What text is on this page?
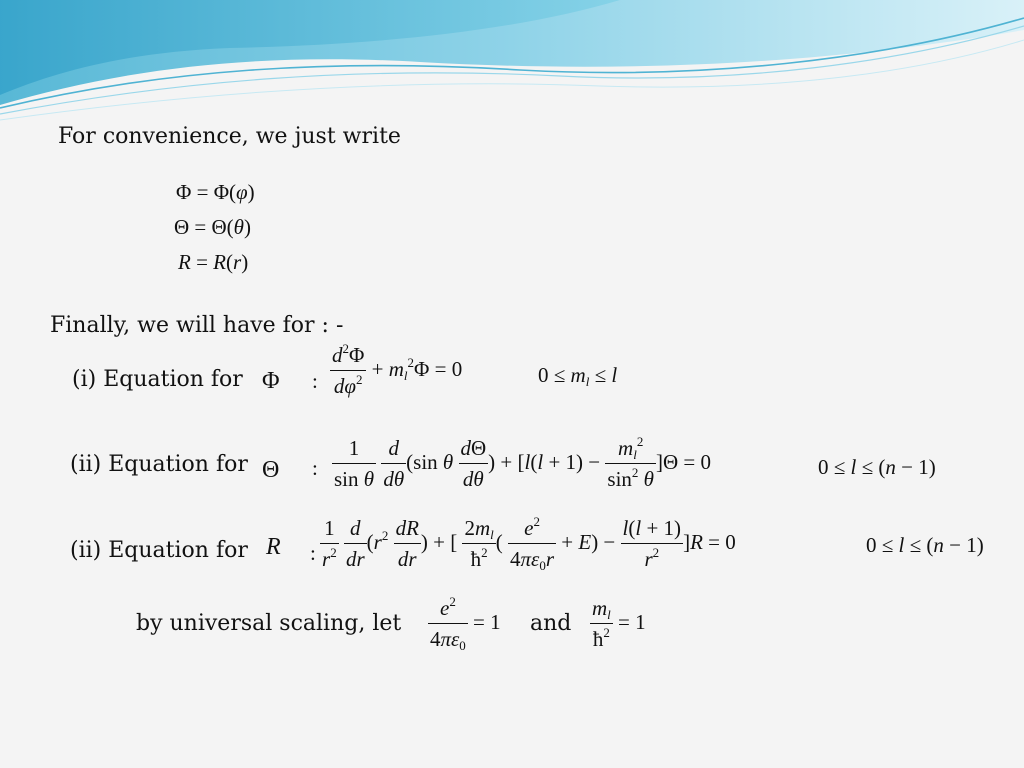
For convenience, we just write
Φ = Φ(φ)
Θ = Θ(θ)
R = R(r)
Finally, we will have for : -
(i) Equation for Φ : $\frac{d^2\Phi}{d\varphi^2} + ml^2\Phi = 0$	0 ≤ ml ≤ l
(ii) Equation for Θ : $\frac{1}{\text{sin θ}}$
$\frac{d}{d\theta} (\sin$ θ $\frac{d\Theta}{d\theta}$ ) + $[l(l + 1) - \frac{ml^2}{\sin^2 \theta} ]\Theta = 0$	0 ≤ l ≤ (n − 1)
(ii) Equation for R : $\frac{1}{r^2}$
$\frac{d}{dr} (r^2 \frac{dR}{dr}$ ) + [ $\frac{2ml}{ħ^2}$ ( $\frac{e^2}{4\pi\varepsilon 0r} + E) - \frac{l(l + 1)}{r^2} ]R = 0$	0 ≤ l ≤ (n − 1)
by universal scaling, let $\frac{e^2}{4\pi\varepsilon 0} = 1$ and $\frac{ml}{ħ^2} = 1$
